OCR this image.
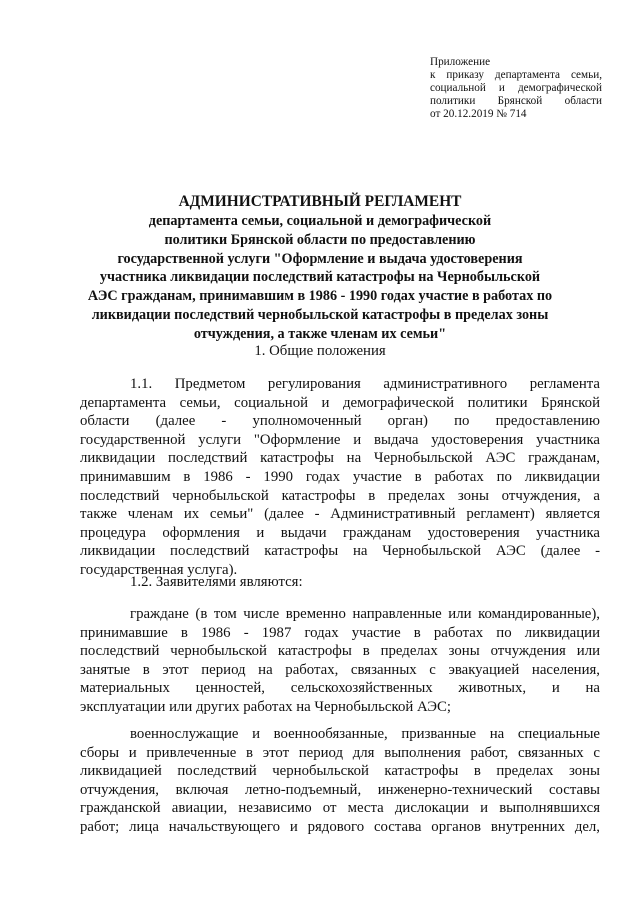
Приложение
к приказу департамента семьи,
социальной и демографической
политики Брянской области
от 20.12.2019 № 714
АДМИНИСТРАТИВНЫЙ РЕГЛАМЕНТ
департамента семьи, социальной и демографической
политики Брянской области по предоставлению
государственной услуги "Оформление и выдача удостоверения
участника ликвидации последствий катастрофы на Чернобыльской
АЭС гражданам, принимавшим в 1986 - 1990 годах участие в работах по
ликвидации последствий чернобыльской катастрофы в пределах зоны
отчуждения, а также членам их семьи"
1. Общие положения
1.1. Предметом регулирования административного регламента
департамента семьи, социальной и демографической политики Брянской
области (далее - уполномоченный орган) по предоставлению
государственной услуги "Оформление и выдача удостоверения участника
ликвидации последствий катастрофы на Чернобыльской АЭС гражданам,
принимавшим в 1986 - 1990 годах участие в работах по ликвидации
последствий чернобыльской катастрофы в пределах зоны отчуждения, а
также членам их семьи" (далее - Административный регламент) является
процедура оформления и выдачи гражданам удостоверения участника
ликвидации последствий катастрофы на Чернобыльской АЭС (далее -
государственная услуга).
1.2. Заявителями являются:
граждане (в том числе временно направленные или командированные),
принимавшие в 1986 - 1987 годах участие в работах по ликвидации
последствий чернобыльской катастрофы в пределах зоны отчуждения или
занятые в этот период на работах, связанных с эвакуацией населения,
материальных ценностей, сельскохозяйственных животных, и на
эксплуатации или других работах на Чернобыльской АЭС;
военнослужащие и военнообязанные, призванные на специальные
сборы и привлеченные в этот период для выполнения работ, связанных с
ликвидацией последствий чернобыльской катастрофы в пределах зоны
отчуждения, включая летно-подъемный, инженерно-технический составы
гражданской авиации, независимо от места дислокации и выполнявшихся
работ; лица начальствующего и рядового состава органов внутренних дел,
